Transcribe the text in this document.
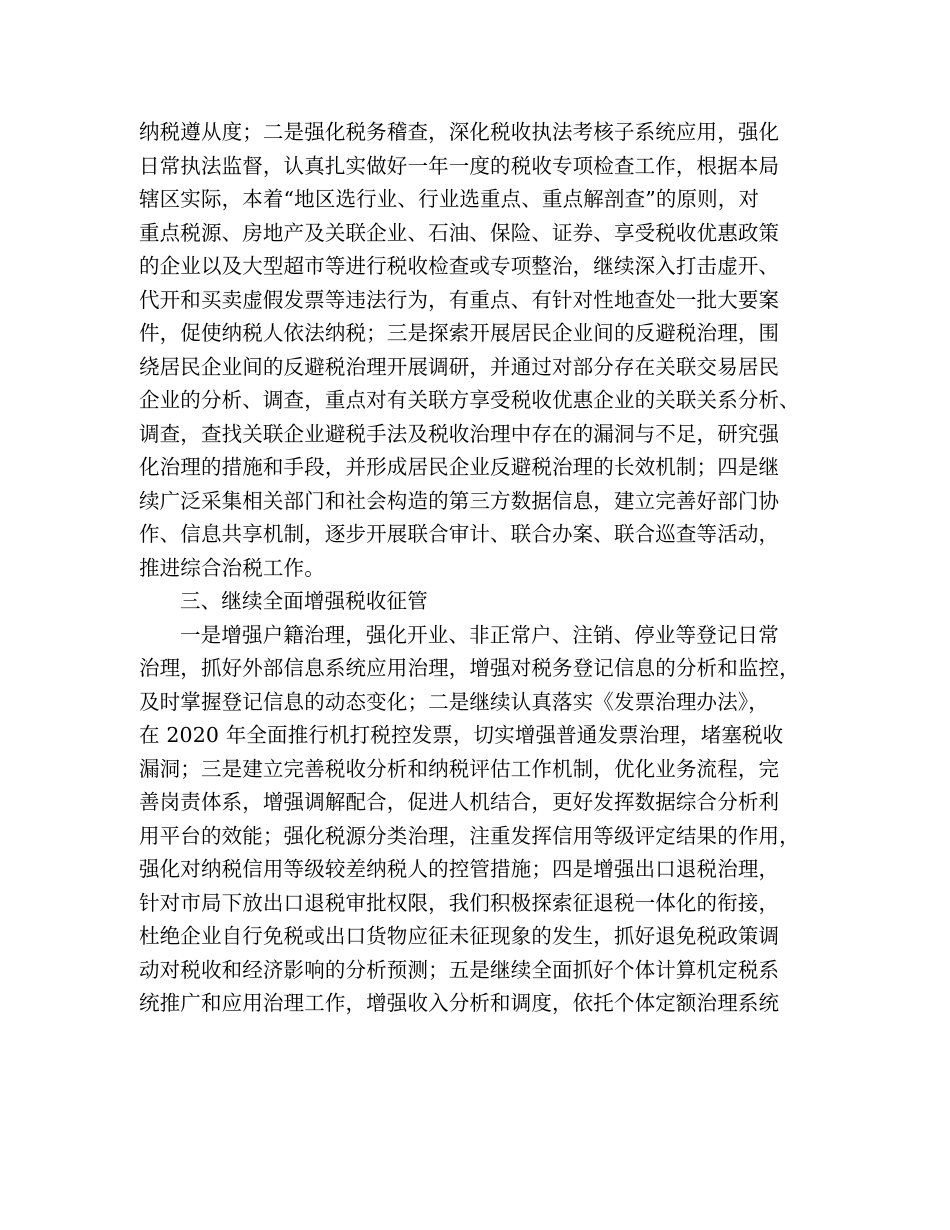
纳税遵从度；二是强化税务稽查，深化税收执法考核子系统应用，强化
日常执法监督，认真扎实做好一年一度的税收专项检查工作，根据本局
辖区实际，本着“地区选行业、行业选重点、重点解剖查”的原则，对
重点税源、房地产及关联企业、石油、保险、证券、享受税收优惠政策
的企业以及大型超市等进行税收检查或专项整治，继续深入打击虚开、
代开和买卖虚假发票等违法行为，有重点、有针对性地查处一批大要案
件，促使纳税人依法纳税；三是探索开展居民企业间的反避税治理，围
绕居民企业间的反避税治理开展调研，并通过对部分存在关联交易居民
企业的分析、调查，重点对有关联方享受税收优惠企业的关联关系分析、
调查，查找关联企业避税手法及税收治理中存在的漏洞与不足，研究强
化治理的措施和手段，并形成居民企业反避税治理的长效机制；四是继
续广泛采集相关部门和社会构造的第三方数据信息，建立完善好部门协
作、信息共享机制，逐步开展联合审计、联合办案、联合巡查等活动，
推进综合治税工作。
三、继续全面增强税收征管
一是增强户籍治理，强化开业、非正常户、注销、停业等登记日常
治理，抓好外部信息系统应用治理，增强对税务登记信息的分析和监控，
及时掌握登记信息的动态变化；二是继续认真落实《发票治理办法》，
在 2020 年全面推行机打税控发票，切实增强普通发票治理，堵塞税收
漏洞；三是建立完善税收分析和纳税评估工作机制，优化业务流程，完
善岗责体系，增强调解配合，促进人机结合，更好发挥数据综合分析利
用平台的效能；强化税源分类治理，注重发挥信用等级评定结果的作用，
强化对纳税信用等级较差纳税人的控管措施；四是增强出口退税治理，
针对市局下放出口退税审批权限，我们积极探索征退税一体化的衔接，
杜绝企业自行免税或出口货物应征未征现象的发生，抓好退免税政策调
动对税收和经济影响的分析预测；五是继续全面抓好个体计算机定税系
统推广和应用治理工作，增强收入分析和调度，依托个体定额治理系统
